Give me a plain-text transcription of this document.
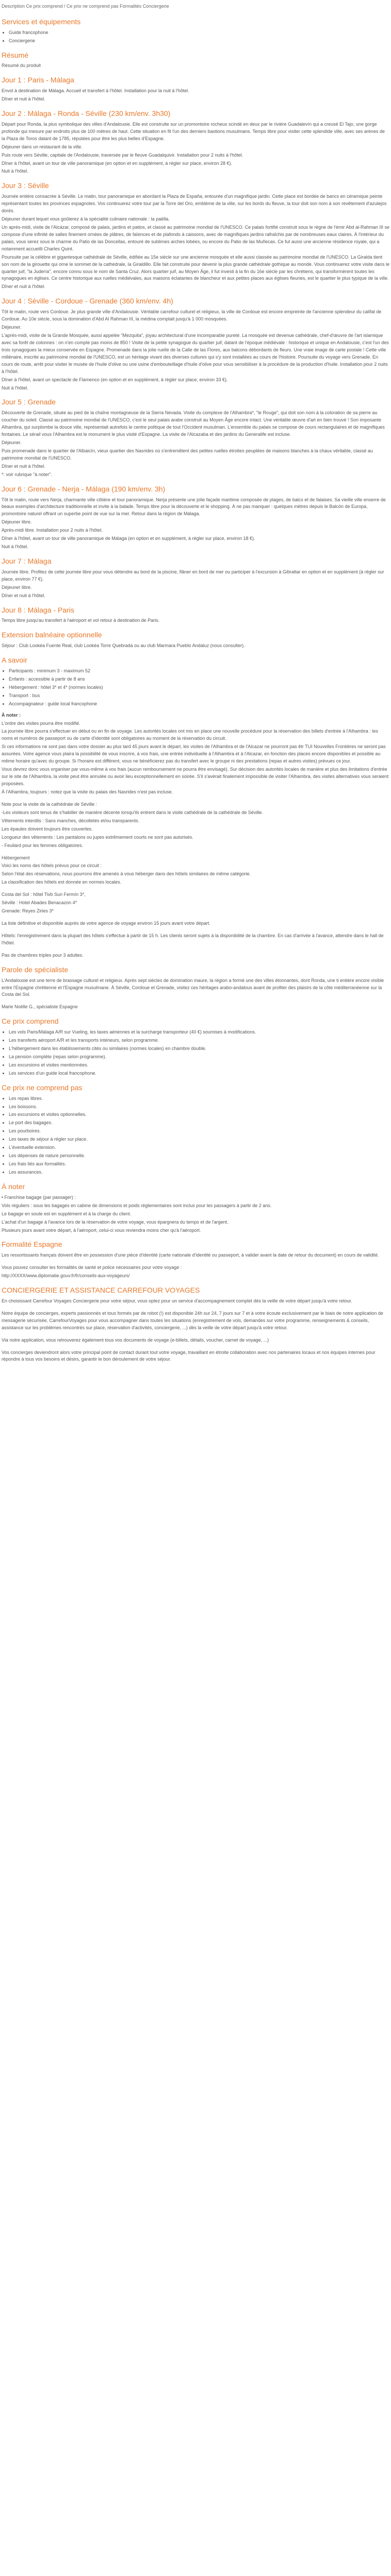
Description Ce prix comprend / Ce prix ne comprend pas Formalités Conciergerie
Services et équipements
• Guide francophone
• Conciergerie
Résumé

Résumé du produit

Jour 1 : Paris - Málaga

Envol à destination de Málaga. Accueil et transfert à l'hôtel. Installation pour la nuit à l'hôtel.

Dîner et nuit à l'hôtel.

Jour 2 : Málaga - Ronda - Séville (230 km/env. 3h30)

Départ pour Ronda, la plus symbolique des villes d'Andalousie. Elle est construite sur un promontoire rocheux scindé en deux par le rivière Guadalevín qui a creusé El Tajo, une gorge profonde qui mesure par endroits plus de 100 mètres de haut. Cette situation en fit l'un des derniers bastions musulmans. Temps libre pour visiter cette splendide ville, avec ses arènes de la Plaza de Toros datant de 1785, réputées pour être les plus belles d'Espagne.

Déjeuner dans un restaurant de la ville.

Puis route vers Séville, capitale de l'Andalousie, traversée par le fleuve Guadalquivir. Installation pour 2 nuits à l'hôtel.

Dîner à l'hôtel, avant un tour de ville panoramique (en option et en supplément, à régler sur place, environ 28 €).

Nuit à l'hôtel.

Jour 3 : Séville

Journée entière consacrée à Séville. Le matin, tour panoramique en abordant la Plaza de España, entourée d'un magnifique jardin. Cette place est bordée de bancs en céramique peinte représentant toutes les provinces espagnoles. Vos continuerez votre tour par la Torre del Oro, emblème de la ville, sur les bords du fleuve, la tour doit son nom à son revêtement d'azulejos dorés.

Déjeuner durant lequel vous goûterez à la spécialité culinaire nationale : la paëlla.

Un après-midi, visite de l'Alcázar, composé de palais, jardins et patios, et classé au patrimoine mondial de l'UNESCO. Ce palais fortifié construit sous le règne de l'émir Abd al-Rahman III se compose d'une infinité de salles finement ornées de plâtres, de faïences et de plafonds à caissons, avec de magnifiques jardins rafraîchis par de nombreuses eaux claires. À l'intérieur du palais, vous serez sous le charme du Patio de las Doncellas, entouré de sublimes arches lobées, ou encore du Patio de las Muñecas. Ce fut aussi une ancienne résidence royale, qui a notamment accueilli Charles Quint.

Poursuite par la célèbre et gigantesque cathédrale de Séville, édifiée au 15e siècle sur une ancienne mosquée et elle aussi classée au patrimoine mondial de l'UNESCO. La Giralda tient son nom de la girouette qui orne le sommet de la cathédrale, la Giraldillo. Elle fait construite pour devenir la plus grande cathédrale gothique au monde. Vous continuerez votre visite dans le quartier juif, "la Judería", encore connu sous le nom de Santa Cruz. Alors quartier juif, au Moyen Âge, il fut investi à la fin du 16e siècle par les chrétiens, qui transformèrent toutes les synagogues en églises. Ce centre historique aux ruelles médiévales, aux maisons éclatantes de blancheur et aux petites places aux églises fleuries, est le quartier le plus typique de la ville.

Dîner et nuit à l'hôtel.

Jour 4 : Séville - Cordoue - Grenade (360 km/env. 4h)

Tôt le matin, route vers Cordoue. Je plus grande ville d'Andalousie. Véritable carrefour culturel et religieux, la ville de Cordoue est encore empreinte de l'ancienne splendeur du califat de Cordoue. Au 10e siècle, sous la domination d'Abd Al Rahman III, la médina comptait jusqu'à 1 000 mosquées.

Déjeuner.

L'après-midi, visite de la Grande Mosquée, aussi appelée "Mezquita", joyau architectural d'une incomparable pureté. La mosquée est devenue cathédrale, chef-d'œuvre de l'art islamique avec sa forêt de colonnes : on n'en compte pas moins de 850 ! Visite de la petite synagogue du quartier juif, datant de l'époque médiévale : historique et unique en Andalousie, c'est l'un des trois synagogues la mieux conservée en Espagne. Promenade dans la jolie ruelle de la Calle de las Flores, aux balcons débordants de fleurs. Une vraie image de carte postale ! Cette ville millénaire, inscrite au patrimoine mondial de l'UNESCO, est un héritage vivant des diverses cultures qui s'y sont installées au cours de l'histoire. Poursuite du voyage vers Grenade. En cours de route, arrêt pour visiter le musée de l'huile d'olive ou une usine d'embouteillage d'huile d'olive pour vous sensibiliser à la procédure de la production d'huile. Installation pour 2 nuits à l'hôtel.

Dîner à l'hôtel, avant un spectacle de Flamenco (en option et en supplément, à régler sur place, environ 33 €).

Nuit à l'hôtel.

Jour 5 : Grenade

Découverte de Grenade, située au pied de la chaîne montagneuse de la Sierra Nevada. Visite du complexe de l'Alhambra*, "le Rouge", qui doit son nom à la coloration de sa pierre au coucher du soleil. Classé au patrimoine mondial de l'UNESCO, c'est le seul palais arabe construit au Moyen Âge encore intact. Une véritable œuvre d'art en bien trouvé ! Son imposante Alhambra, qui surplombe la douce ville, représentait autrefois le centre politique de tout l'Occident musulman. L'ensemble du palais se compose de cours rectangulaires et de magnifiques fontaines. Le sérail vous l'Alhambra est le monument le plus visité d'Espagne. La visite de l'Alcazaba et des jardins du Generalife est incluse.

Déjeuner.

Puis promenade dans le quartier de l'Albaicín, vieux quartier des Nasrides où s'entremêlent des petites ruelles étroites peuplées de maisons blanches à la chaux véritable, classé au patrimoine mondial de l'UNESCO.

Dîner et nuit à l'hôtel.

*: voir rubrique "à noter".

Jour 6 : Grenade - Nerja - Málaga (190 km/env. 3h)

Tôt le matin, route vers Nerja, charmante ville côtière et tour panoramique. Nerja présente une jolie façade maritime composée de plages, de balcs et de falaises. Sa vieille ville enserre de beaux exemples d'architecture traditionnelle et invite à la balade. Temps libre pour la découverte et le shopping. À ne pas manquer : quelques mètres depuis le Balcón de Europa, promontoire naturel offrant un superbe point de vue sur la mer. Retour dans la région de Málaga.

Déjeuner libre.

Après-midi libre. Installation pour 2 nuits à l'hôtel.

Dîner à l'hôtel, avant un tour de ville panoramique de Málaga (en option et en supplément, à régler sur place, environ 18 €).

Nuit à l'hôtel.

Jour 7 : Málaga

Journée libre. Profitez de cette journée libre pour vous détendre au bord de la piscine, flâner en bord de mer ou participer à l'excursion à Gibraltar en option et en supplément (à régler sur place, environ 77 €).

Déjeuner libre.

Dîner et nuit à l'hôtel.

Jour 8 : Málaga - Paris

Temps libre jusqu'au transfert à l'aéroport et vol retour à destination de Paris.

Extension balnéaire optionnelle

Séjour : Club Lookéa Fuente Real, club Lookéa Torre Quebrada ou au club Marmara Pueblo Andaluz (nous consulter).

A savoir
• Participants : minimum 3 - maximum 52
• Enfants : accessible à partir de 8 ans
• Hébergement : hôtel 3* et 4* (normes locales)
• Transport : bus
• Accompagnateur : guide local francophone

À noter :

L'ordre des visites pourra être modifié.

La journée libre pourra s'effectuer en début ou en fin de voyage. Les autorités locales ont mis en place une nouvelle procédure pour la réservation des billets d'entrée à l'Alhambra : les noms et numéros de passeport ou de carte d'identité sont obligatoires au moment de la réservation du circuit.

Si ces informations ne sont pas dans votre dossier au plus tard 45 jours avant le départ, les visites de l'Alhambra et de l'Alcazar ne pourront pas êtr TUI Nouvelles Frontières ne seront pas assurées. Votre agence vous plaira la possibilité de vous inscrire, à vos frais, une entrée individuelle à l'Alhambra et à l'Alcazar, en fonction des places encore disponibles et possible au même horaire qu'avec du groupe. Si l'horaire est différent, vous ne bénéficierez pas du transfert avec le groupe ni des prestations (repas et autres visites) prévues ce jour.

Vous devrez donc vous organiser par vous-même à vos frais (aucun remboursement ne pourra être envisagé). Sur décision des autorités locales de manière et plus des limitations d'entrée sur le site de l'Alhambra, la visite peut être annulée ou avoir lieu exceptionnellement en soirée. S'il s'avérait finalement impossible de visiter l'Alhambra, des visites alternatives vous seraient proposées.

À l'Alhambra, toujours : notez que la visite du palais des Nasrides n'est pas incluse.

Note pour la visite de la cathédrale de Séville :

-Les visiteurs sont tenus de s'habiller de manière décente lorsqu'ils entrent dans le visite cathédrale de la cathédrale de Séville.

Vêtements interdits : Sans manches, décolletés et/ou transparents.

Les épaules doivent toujours être couvertes.

Longueur des vêtements : Les pantalons ou jupes extrêmement courts ne sont pas autorisés.

- Feuilard pour les femmes obligatoires.

Hébergement

Voici les noms des hôtels prévus pour ce circuit :

Selon l'état des réservations, nous pourrons être amenés à vous héberger dans des hôtels similaires de même catégorie.

La classification des hôtels est donnée en normes locales.

Costa del Sol : hôtel Tivb Sun Fermín 3*,

Séville : Hotel Abades Benacazon 4*

Grenade: Reyes Ziries 3*

La liste définitive et disponible auprès de votre agence de voyage environ 15 jours avant votre départ.

Hôtels: l'enregistrement dans la plupart des hôtels s'effectue à partir de 15 h. Les clients seront sujets à la disponibilité de la chambre. En cas d'arrivée à l'avance, attendre dans le hall de l'hôtel.

Pas de chambres triples pour 3 adultes.

Parole de spécialiste

L'Andalousie est une terre de brassage culturel et religieux. Après sept siècles de domination maure, la région a formé une des villes étonnantes, dont Ronda, une ti entière encore visible entre l'Espagne chrétienne et l'Espagne musulmane. À Séville, Cordoue et Grenade, visitez ces héritages arabo-andalous avant de profiter des plaisirs de la côte méditerranéenne sur la Costa del Sol.

Marie Noëlle G., spécialiste Espagne

Ce prix comprend
• Les vols Paris/Málaga A/R sur Vueling, les taxes aériennes et la surcharge transporteur (40 €) soumises à modifications.
• Les transferts aéroport A/R et les transports intérieurs, selon programme.
• L'hébergement dans les établissements cités ou similaires (normes locales) en chambre double.
• La pension complète (repas selon programme).
• Les excursions et visites mentionnées.
• Les services d'un guide local francophone.
Ce prix ne comprend pas
• Les repas libres.
• Les boissons.
• Les excursions et visites optionnelles.
• Le port des bagages.
• Les pourboires.
• Les taxes de séjour à régler sur place.
• L'éventuelle extension.
• Les dépenses de nature personnelle.
• Les frais liés aux formalités.
• Les assurances.
À noter

• Franchise bagage (par passager) :

Vols réguliers : sous les bagages en cabine de dimensions et poids réglementaires sont inclus pour les passagers à partir de 2 ans.

Le bagage en soute est en supplément et à la charge du client.

L'achat d'un bagage à l'avance lors de la réservation de votre voyage, vous épargnera du temps et de l'argent.

Plusieurs jours avant votre départ, à l'aéroport, celui-ci vous reviendra moins cher qu'à l'aéroport.

Formalité Espagne

Les ressortissants français doivent être en possession d'une pièce d'identité (carte nationale d'identité ou passeport, à valider avant la date de retour du document) en cours de validité.

Vous pouvez consulter les formalités de santé et police nécessaires pour votre voyage :

http://XXXX/www.diplomatie.gouv.fr/fr/conseils-aux-voyageurs/

CONCIERGERIE ET ASSISTANCE CARREFOUR VOYAGES

En choisissant Carrefour Voyages Conciergerie pour votre séjour, vous optez pour un service d'accompagnement complet dès la veille de votre départ jusqu'à votre retour.

Notre équipe de concierges, experts passionnés et tous formés par de robot (!) est disponible 24h sur 24, 7 jours sur 7 et à votre écoute exclusivement par le biais de notre application de messagerie sécurisée, CarrefourVoyages pour vous accompagner dans toutes les situations (enregistrement de vols, demandes sur votre programme, renseignements & conseils, assistance sur les problèmes rencontrés sur place, réservation d'activités, conciergerie, ...) dès la veille de votre départ jusqu'à votre retour.

Via notre application, vous retrouverez également tous vos documents de voyage (e-billets, détails, voucher, carnet de voyage, ...)

Vos concierges deviendront alors votre principal point de contact durant tout votre voyage, travaillant en étroite collaboration avec nos partenaires locaux et nos équipes internes pour répondre à tous vos besoins et désirs, garantir le bon déroulement de votre séjour.
